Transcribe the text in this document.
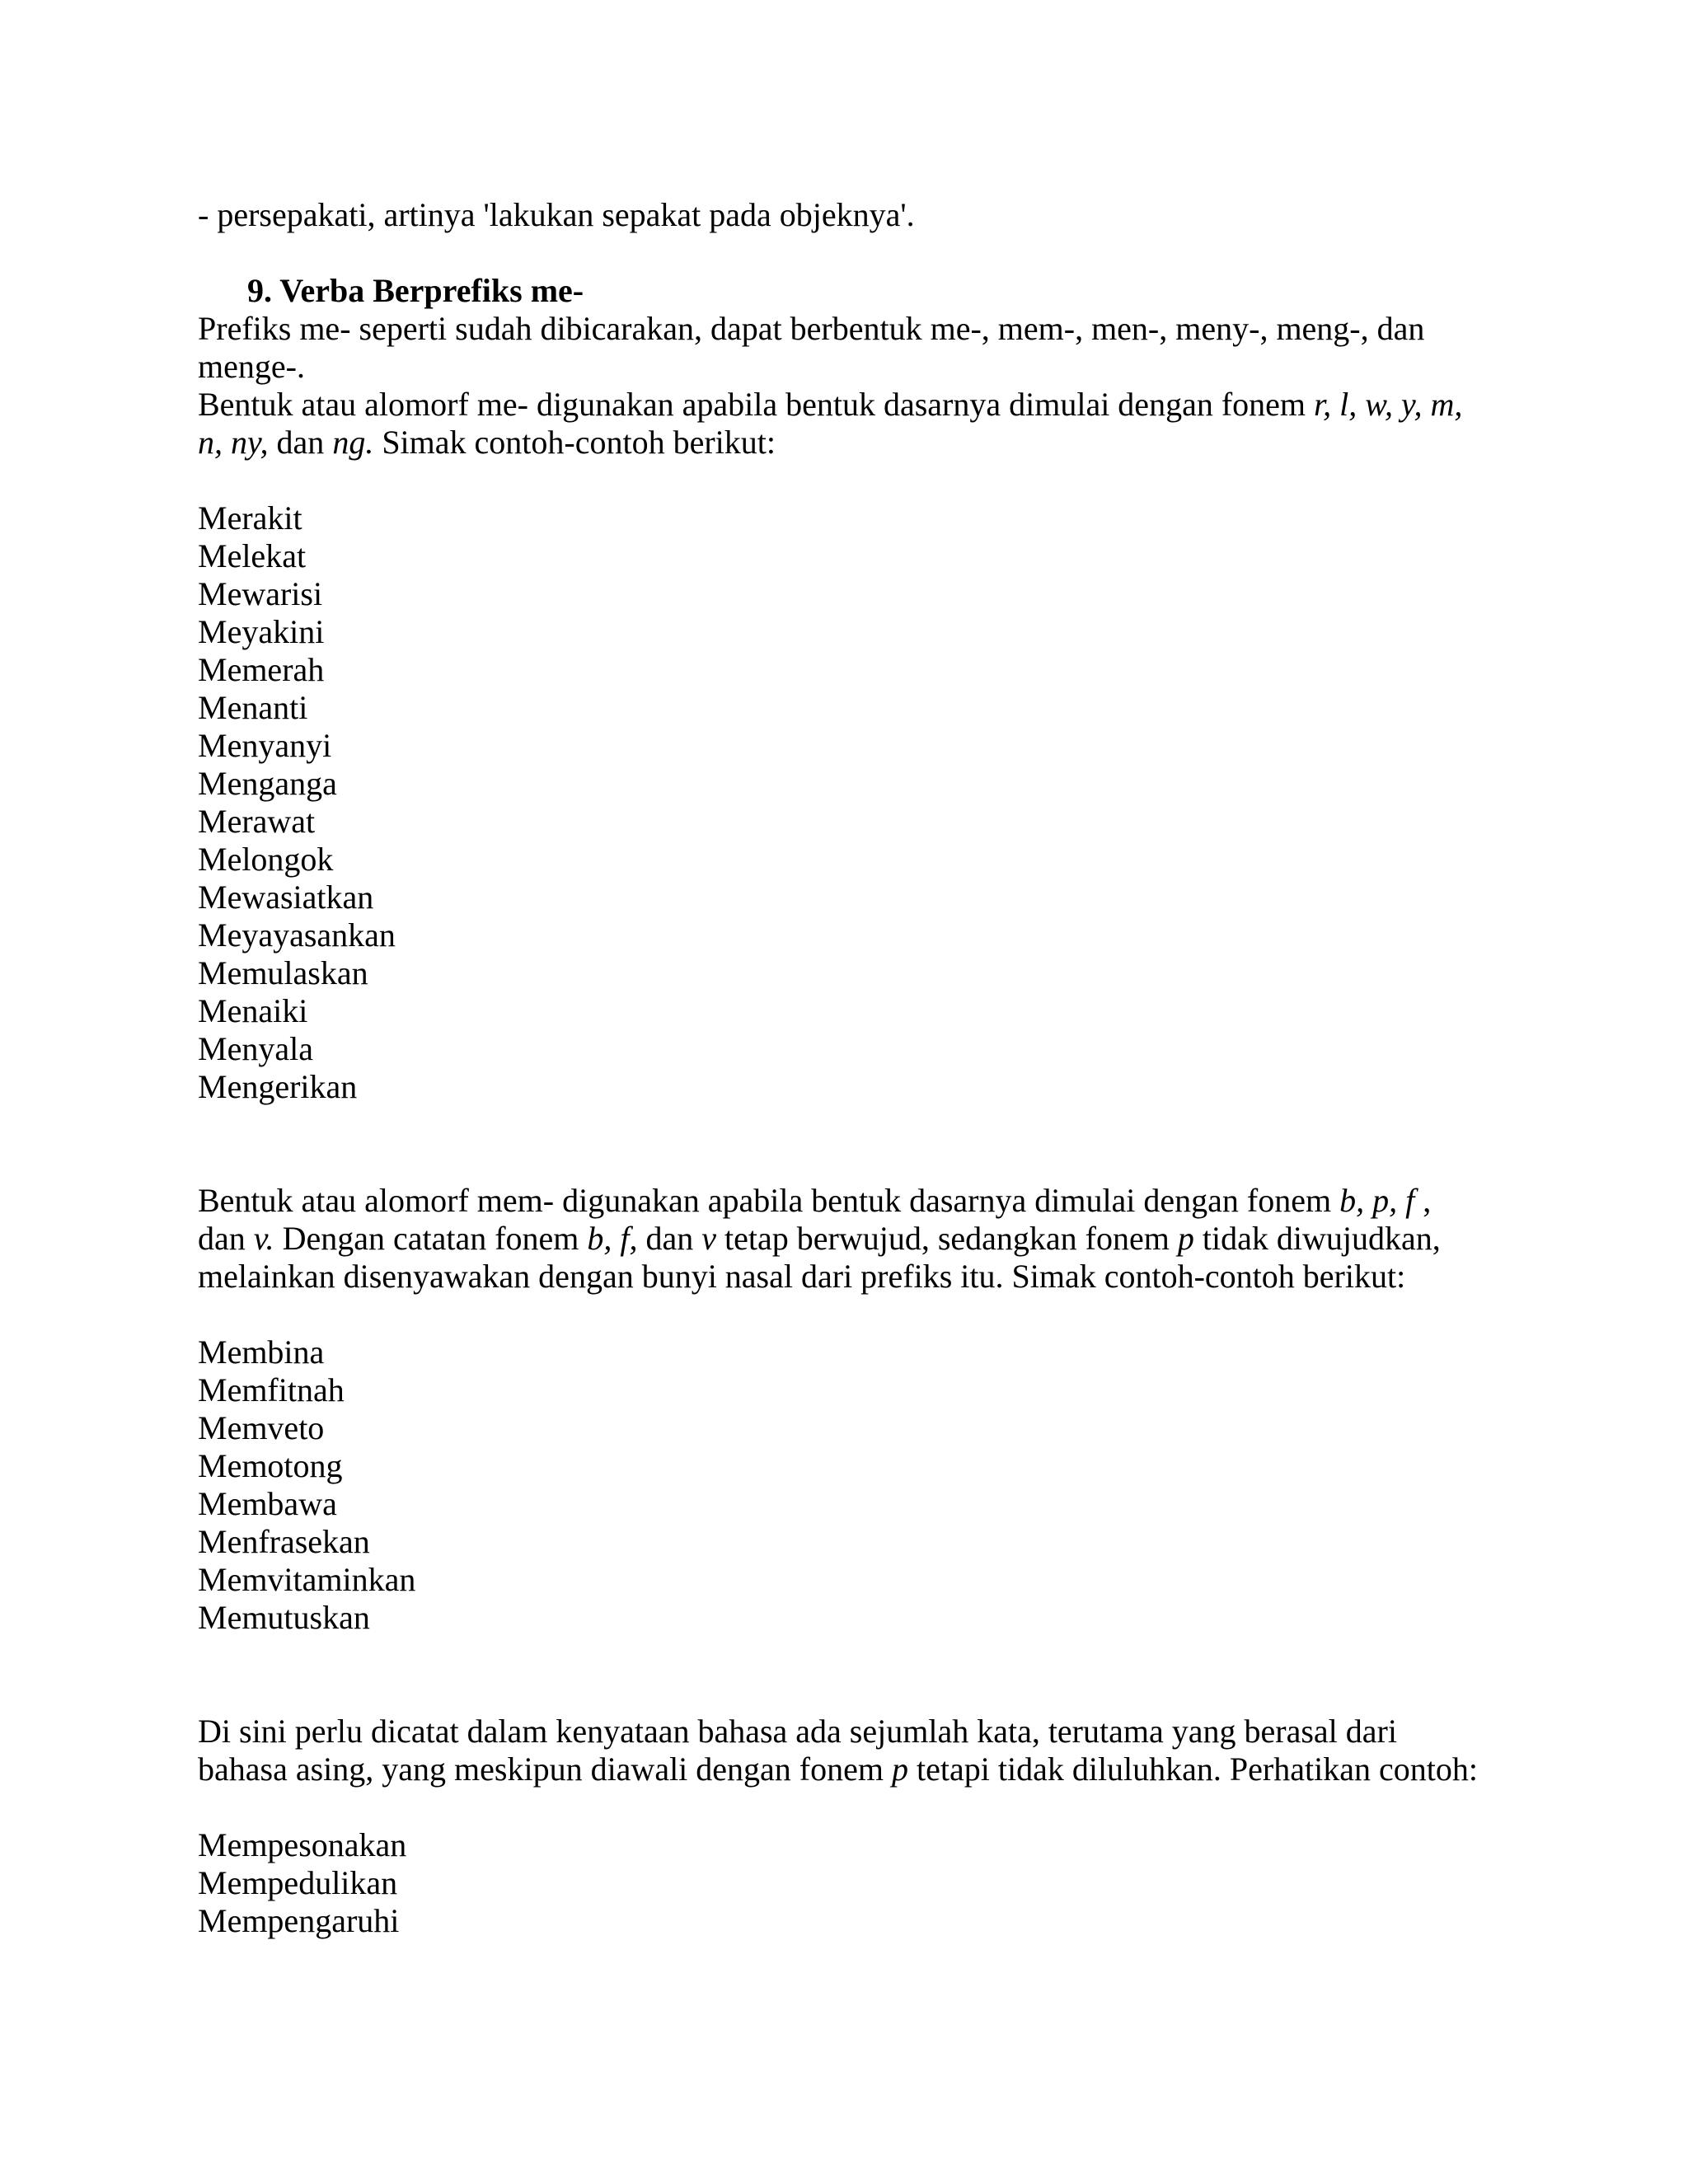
- persepakati, artinya 'lakukan sepakat pada objeknya'.

9. Verba Berprefiks me-

Prefiks me- seperti sudah dibicarakan, dapat berbentuk me-, mem-, men-, meny-, meng-, dan
menge-.

Bentuk atau alomorf me- digunakan apabila bentuk dasarnya dimulai dengan fonem r, l, w, y, m,
n, ny, dan ng. Simak contoh-contoh berikut:

Merakit
Melekat
Mewarisi
Meyakini
Memerah
Menanti
Menyanyi
Menganga
Merawat
Melongok
Mewasiatkan
Meyayasankan
Memulaskan
Menaiki
Menyala
Mengerikan

Bentuk atau alomorf mem- digunakan apabila bentuk dasarnya dimulai dengan fonem b, p, f ,
dan v. Dengan catatan fonem b, f, dan v tetap berwujud, sedangkan fonem p tidak diwujudkan,
melainkan disenyawakan dengan bunyi nasal dari prefiks itu. Simak contoh-contoh berikut:

Membina
Memfitnah
Memveto
Memotong
Membawa
Menfrasekan
Memvitaminkan
Memutuskan

Di sini perlu dicatat dalam kenyataan bahasa ada sejumlah kata, terutama yang berasal dari
bahasa asing, yang meskipun diawali dengan fonem p tetapi tidak diluluhkan. Perhatikan contoh:

Mempesonakan
Mempedulikan
Mempengaruhi
